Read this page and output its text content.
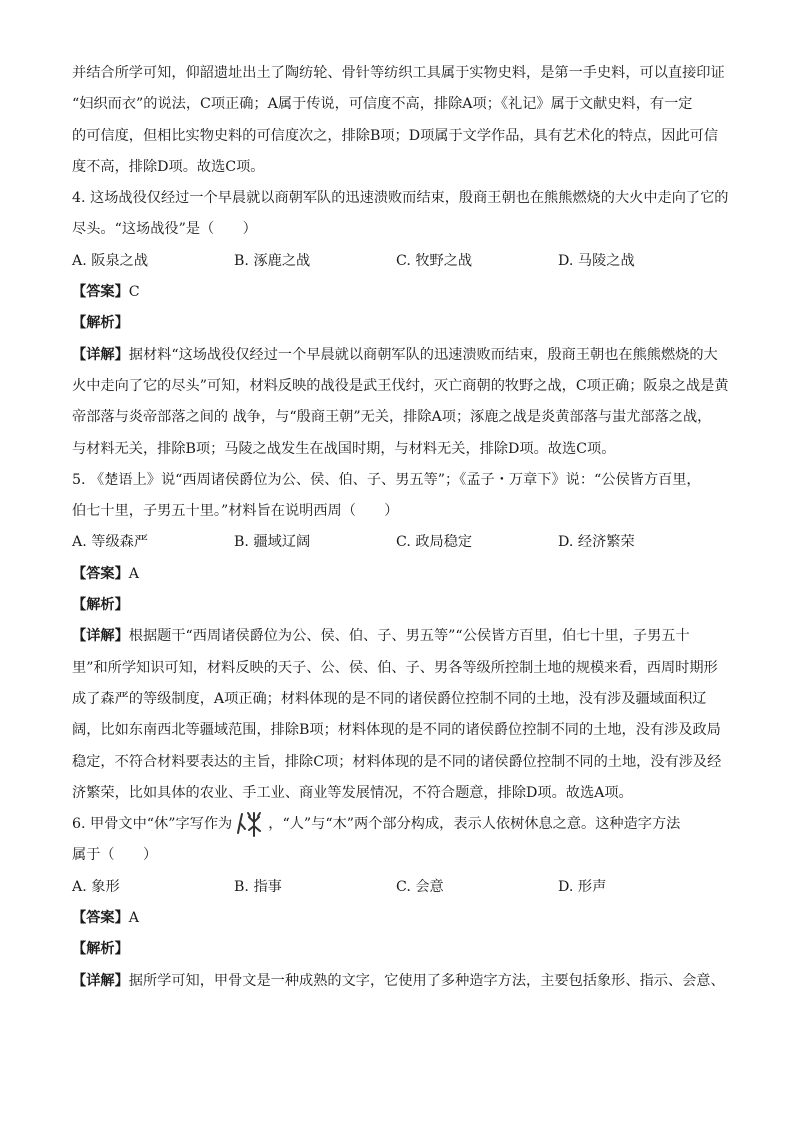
并结合所学可知，仰韶遗址出土了陶纺轮、骨针等纺织工具属于实物史料，是第一手史料，可以直接印证
“妇织而衣”的说法，C项正确；A属于传说，可信度不高，排除A项；《礼记》属于文献史料，有一定
的可信度，但相比实物史料的可信度次之，排除B项；D项属于文学作品，具有艺术化的特点，因此可信
度不高，排除D项。故选C项。
4. 这场战役仅经过一个早晨就以商朝军队的迅速溃败而结束，殷商王朝也在熊熊燃烧的大火中走向了它的
尽头。“这场战役”是（　　）
A. 阪泉之战	B. 涿鹿之战	C. 牧野之战	D. 马陵之战
【答案】C
【解析】
【详解】据材料“这场战役仅经过一个早晨就以商朝军队的迅速溃败而结束，殷商王朝也在熊熊燃烧的大
火中走向了它的尽头”可知，材料反映的战役是武王伐纣，灭亡商朝的牧野之战，C项正确；阪泉之战是黄
帝部落与炎帝部落之间的 战争，与“殷商王朝”无关，排除A项；涿鹿之战是炎黄部落与蚩尤部落之战，
与材料无关，排除B项；马陵之战发生在战国时期，与材料无关，排除D项。故选C项。
5. 《楚语上》说“西周诸侯爵位为公、侯、伯、子、男五等”；《孟子・万章下》说：“公侯皆方百里，
伯七十里，子男五十里。”材料旨在说明西周（　　）
A. 等级森严	B. 疆域辽阔	C. 政局稳定	D. 经济繁荣
【答案】A
【解析】
【详解】根据题干“西周诸侯爵位为公、侯、伯、子、男五等”“公侯皆方百里，伯七十里，子男五十
里”和所学知识可知，材料反映的天子、公、侯、伯、子、男各等级所控制土地的规模来看，西周时期形
成了森严的等级制度，A项正确；材料体现的是不同的诸侯爵位控制不同的土地，没有涉及疆域面积辽
阔，比如东南西北等疆域范围，排除B项；材料体现的是不同的诸侯爵位控制不同的土地，没有涉及政局
稳定，不符合材料要表达的主旨，排除C项；材料体现的是不同的诸侯爵位控制不同的土地，没有涉及经
济繁荣，比如具体的农业、手工业、商业等发展情况，不符合题意，排除D项。故选A项。
6. 甲骨文中“休”字写作为	，“人”与“木”两个部分构成，表示人依树休息之意。这种造字方法
属于（　　）
A. 象形	B. 指事	C. 会意	D. 形声
【答案】A
【解析】
【详解】据所学可知，甲骨文是一种成熟的文字，它使用了多种造字方法，主要包括象形、指示、会意、
